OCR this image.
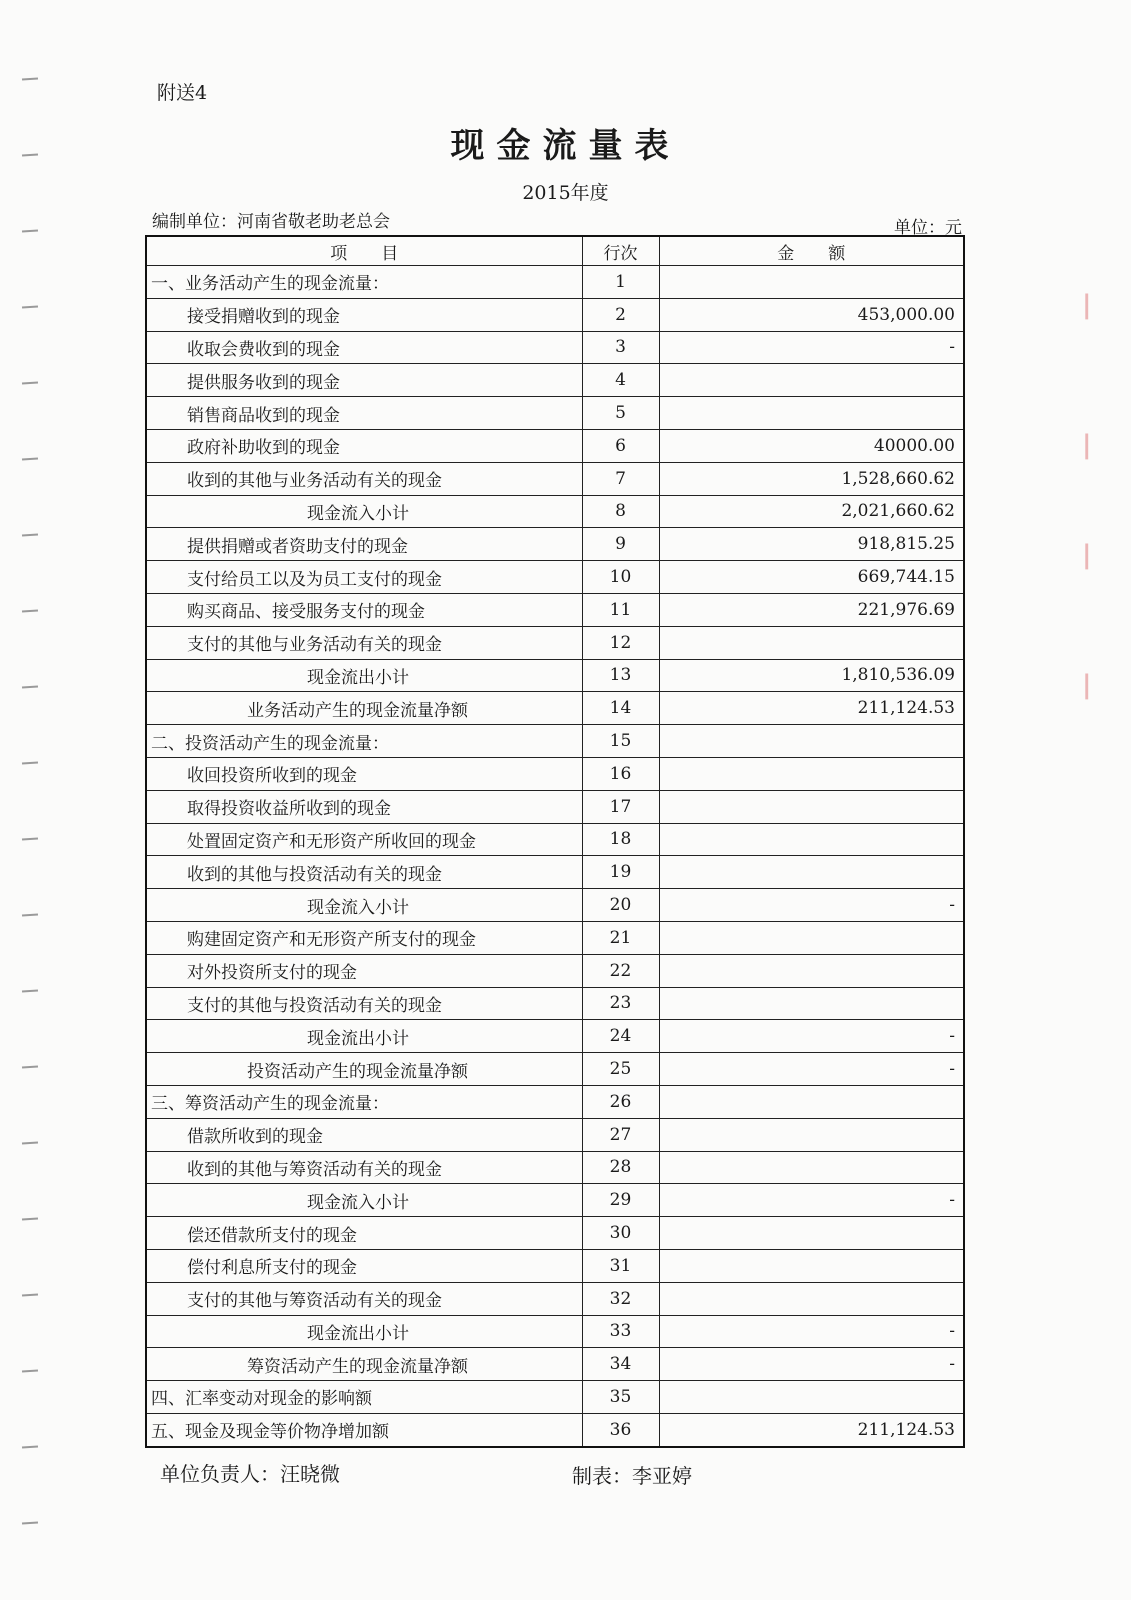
附送4
现金流量表
2015年度
编制单位：河南省敬老助老总会	单位：元
项　　目	行次	金　　额
一、业务活动产生的现金流量：	1	
接受捐赠收到的现金	2	453,000.00
收取会费收到的现金	3	-
提供服务收到的现金	4	
销售商品收到的现金	5	
政府补助收到的现金	6	40000.00
收到的其他与业务活动有关的现金	7	1,528,660.62
现金流入小计	8	2,021,660.62
提供捐赠或者资助支付的现金	9	918,815.25
支付给员工以及为员工支付的现金	10	669,744.15
购买商品、接受服务支付的现金	11	221,976.69
支付的其他与业务活动有关的现金	12	
现金流出小计	13	1,810,536.09
业务活动产生的现金流量净额	14	211,124.53
二、投资活动产生的现金流量：	15	
收回投资所收到的现金	16	
取得投资收益所收到的现金	17	
处置固定资产和无形资产所收回的现金	18	
收到的其他与投资活动有关的现金	19	
现金流入小计	20	-
购建固定资产和无形资产所支付的现金	21	
对外投资所支付的现金	22	
支付的其他与投资活动有关的现金	23	
现金流出小计	24	-
投资活动产生的现金流量净额	25	-
三、筹资活动产生的现金流量：	26	
借款所收到的现金	27	
收到的其他与筹资活动有关的现金	28	
现金流入小计	29	-
偿还借款所支付的现金	30	
偿付利息所支付的现金	31	
支付的其他与筹资活动有关的现金	32	
现金流出小计	33	-
筹资活动产生的现金流量净额	34	-
四、汇率变动对现金的影响额	35	
五、现金及现金等价物净增加额	36	211,124.53
单位负责人：汪晓微	制表：李亚婷
|
|
|
|
